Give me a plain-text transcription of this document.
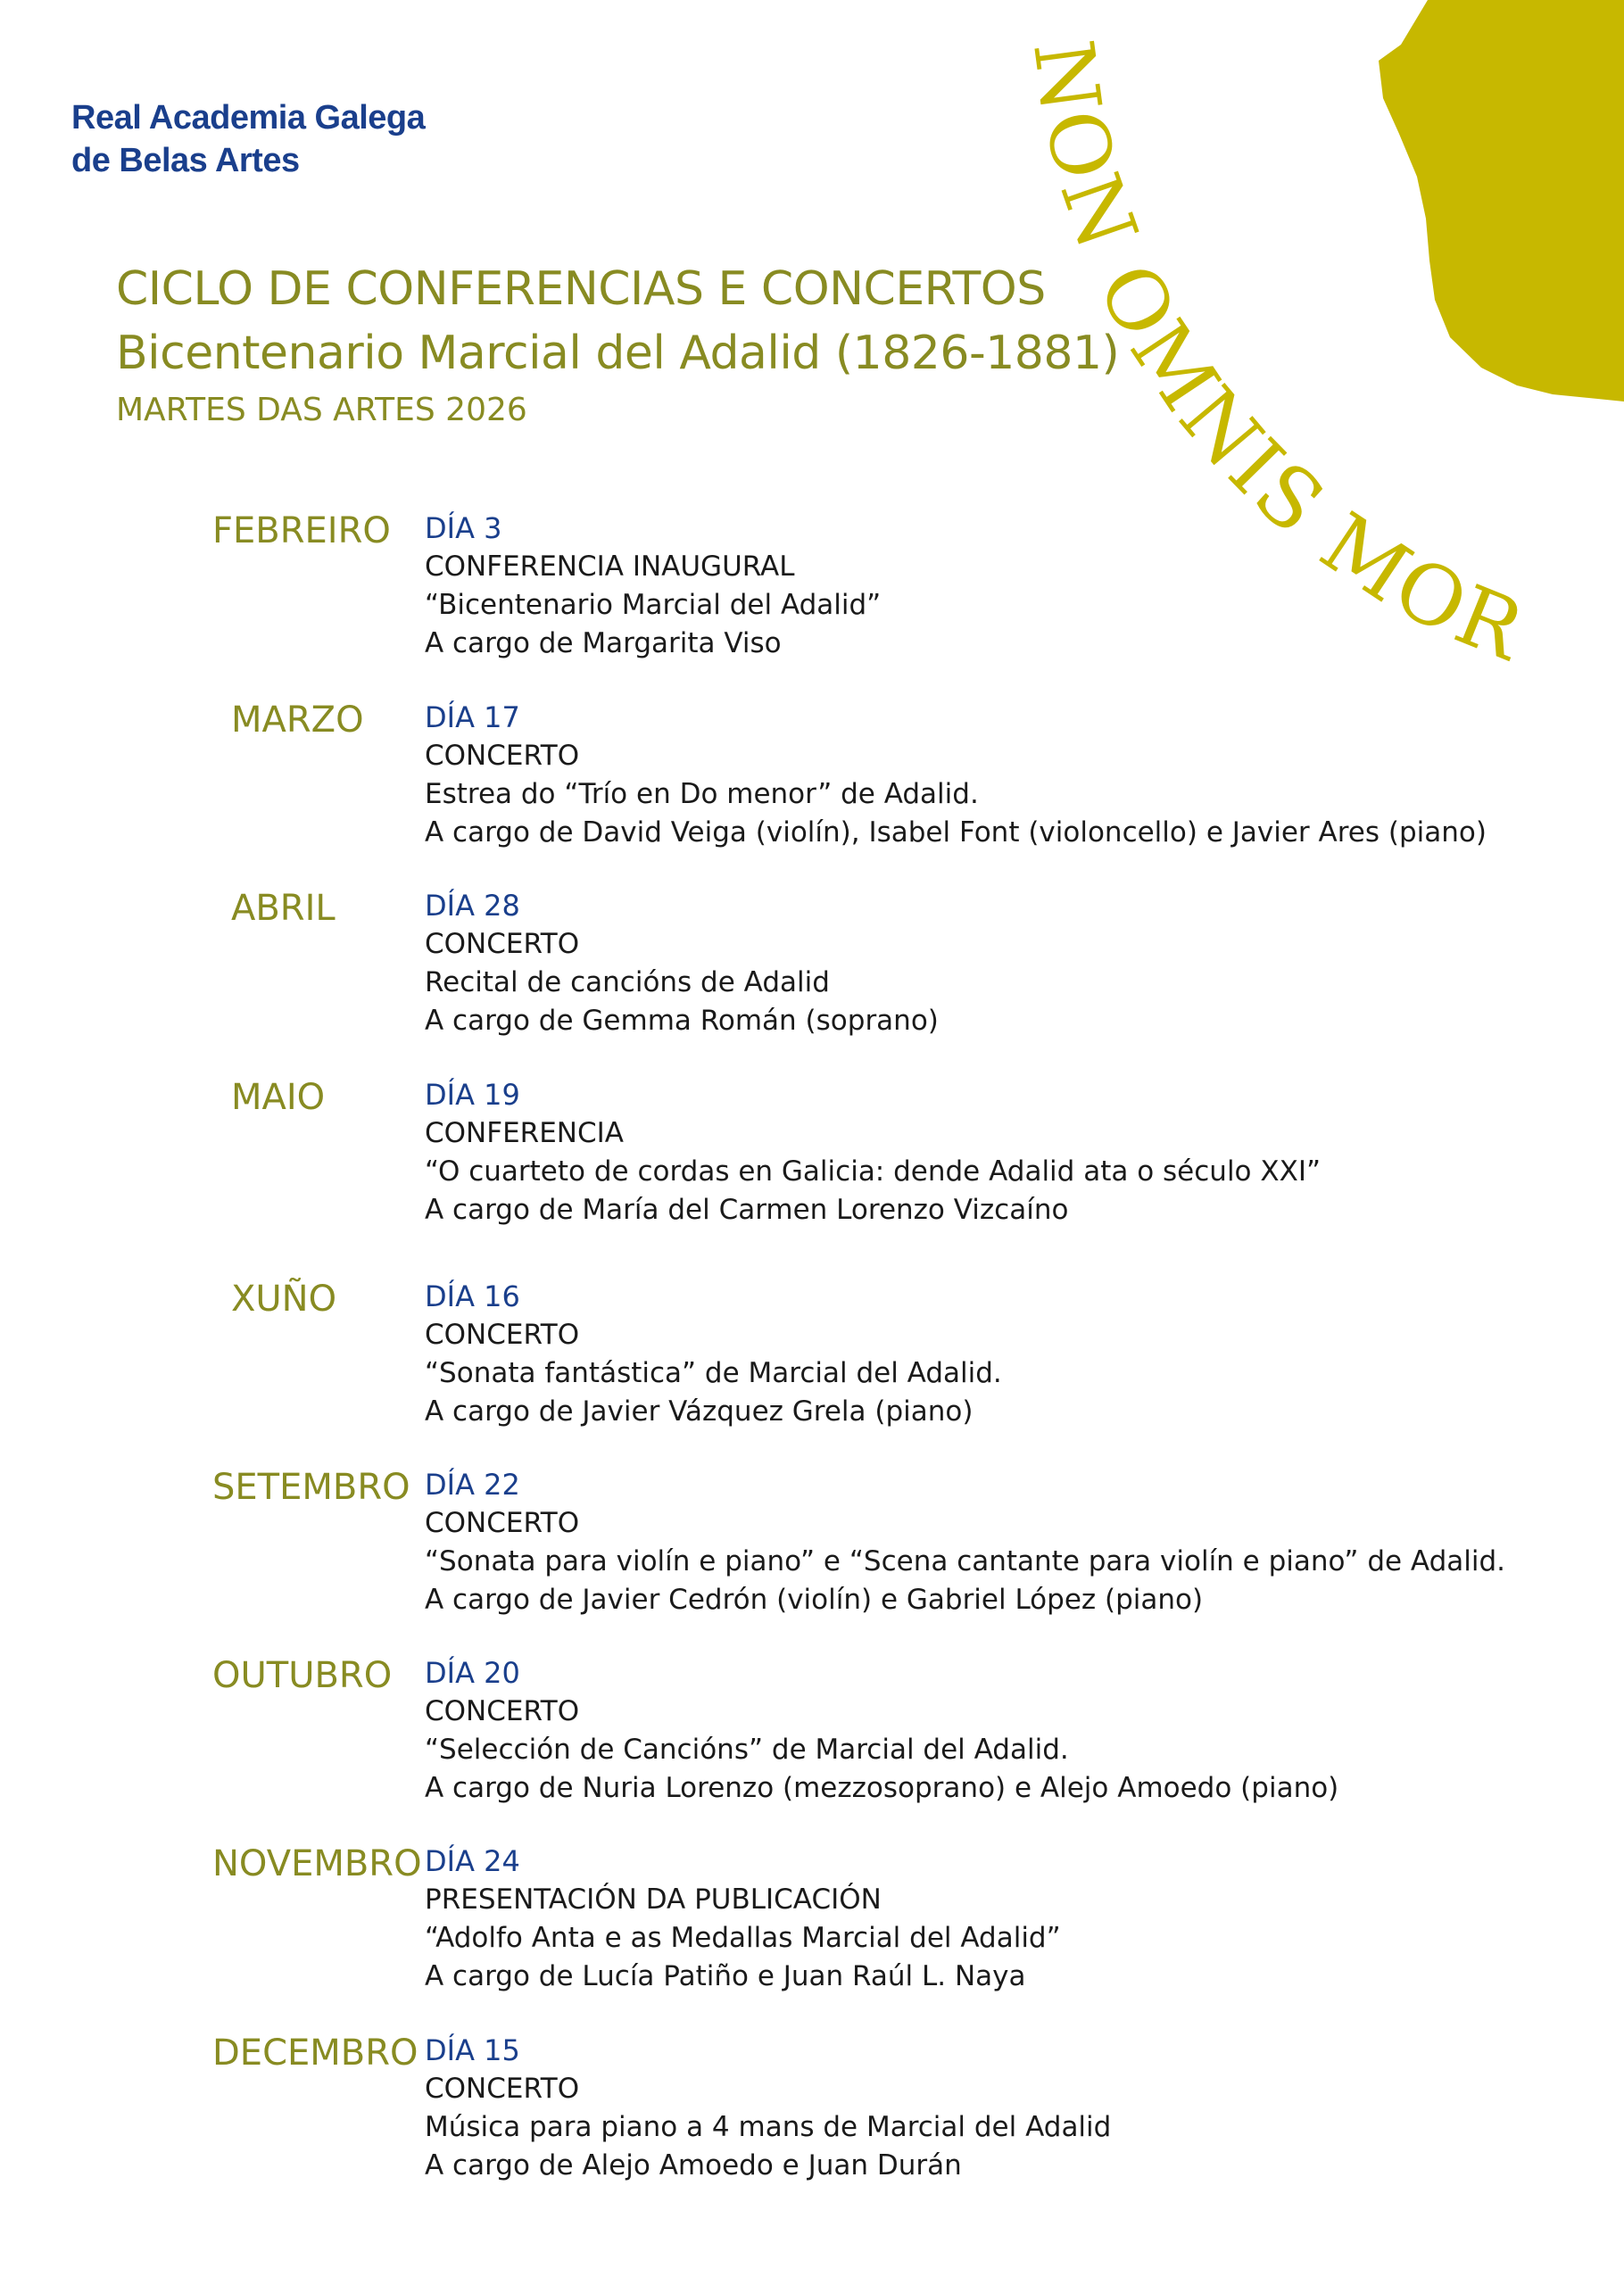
NON OMNIS MOR
Real Academia Galega
de Belas Artes
CICLO DE CONFERENCIAS E CONCERTOS
Bicentenario Marcial del Adalid (1826-1881)
MARTES DAS ARTES 2026
FEBREIRO DÍA 3
CONFERENCIA INAUGURAL
“Bicentenario Marcial del Adalid”
A cargo de Margarita Viso
MARZO DÍA 17
CONCERTO
Estrea do “Trío en Do menor” de Adalid.
A cargo de David Veiga (violín), Isabel Font (violoncello) e Javier Ares (piano)
ABRIL	DÍA 28
CONCERTO
Recital de cancións de Adalid
A cargo de Gemma Román (soprano)
MAIO	DÍA 19
CONFERENCIA
“O cuarteto de cordas en Galicia: dende Adalid ata o século XXI”
A cargo de María del Carmen Lorenzo Vizcaíno
XUÑO	DÍA 16
CONCERTO
“Sonata fantástica” de Marcial del Adalid.
A cargo de Javier Vázquez Grela (piano)
SETEMBRO DÍA 22
CONCERTO
“Sonata para violín e piano” e “Scena cantante para violín e piano” de Adalid.
A cargo de Javier Cedrón (violín) e Gabriel López (piano)
OUTUBRO DÍA 20
CONCERTO
“Selección de Cancións” de Marcial del Adalid.
A cargo de Nuria Lorenzo (mezzosoprano) e Alejo Amoedo (piano)
NOVEMBRO DÍA 24
PRESENTACIÓN DA PUBLICACIÓN
“Adolfo Anta e as Medallas Marcial del Adalid”
A cargo de Lucía Patiño e Juan Raúl L. Naya
DECEMBRO DÍA 15
CONCERTO
Música para piano a 4 mans de Marcial del Adalid
A cargo de Alejo Amoedo e Juan Durán
